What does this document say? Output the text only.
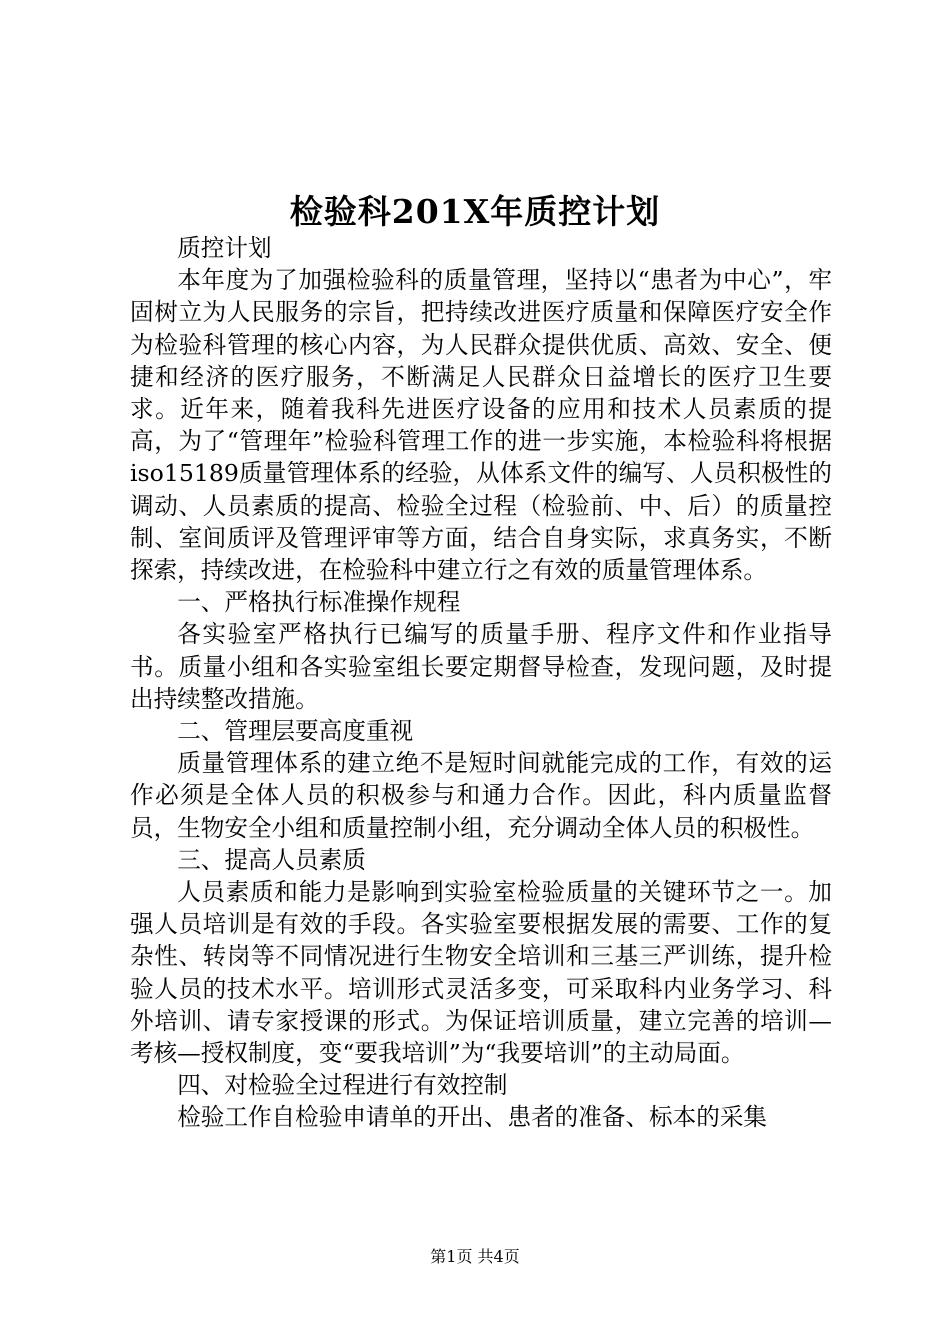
检验科201X年质控计划

质控计划

本年度为了加强检验科的质量管理，坚持以“患者为中心”，牢固树立为人民服务的宗旨，把持续改进医疗质量和保障医疗安全作为检验科管理的核心内容，为人民群众提供优质、高效、安全、便捷和经济的医疗服务，不断满足人民群众日益增长的医疗卫生要求。近年来，随着我科先进医疗设备的应用和技术人员素质的提高，为了“管理年”检验科管理工作的进一步实施，本检验科将根据iso15189质量管理体系的经验，从体系文件的编写、人员积极性的调动、人员素质的提高、检验全过程（检验前、中、后）的质量控制、室间质评及管理评审等方面，结合自身实际，求真务实，不断探索，持续改进，在检验科中建立行之有效的质量管理体系。

一、严格执行标准操作规程

各实验室严格执行已编写的质量手册、程序文件和作业指导书。质量小组和各实验室组长要定期督导检查，发现问题，及时提出持续整改措施。

二、管理层要高度重视

质量管理体系的建立绝不是短时间就能完成的工作，有效的运作必须是全体人员的积极参与和通力合作。因此，科内质量监督员，生物安全小组和质量控制小组，充分调动全体人员的积极性。

三、提高人员素质

人员素质和能力是影响到实验室检验质量的关键环节之一。加强人员培训是有效的手段。各实验室要根据发展的需要、工作的复杂性、转岗等不同情况进行生物安全培训和三基三严训练，提升检验人员的技术水平。培训形式灵活多变，可采取科内业务学习、科外培训、请专家授课的形式。为保证培训质量，建立完善的培训—考核—授权制度，变“要我培训”为“我要培训”的主动局面。

四、对检验全过程进行有效控制

检验工作自检验申请单的开出、患者的准备、标本的采集

第1页 共4页
